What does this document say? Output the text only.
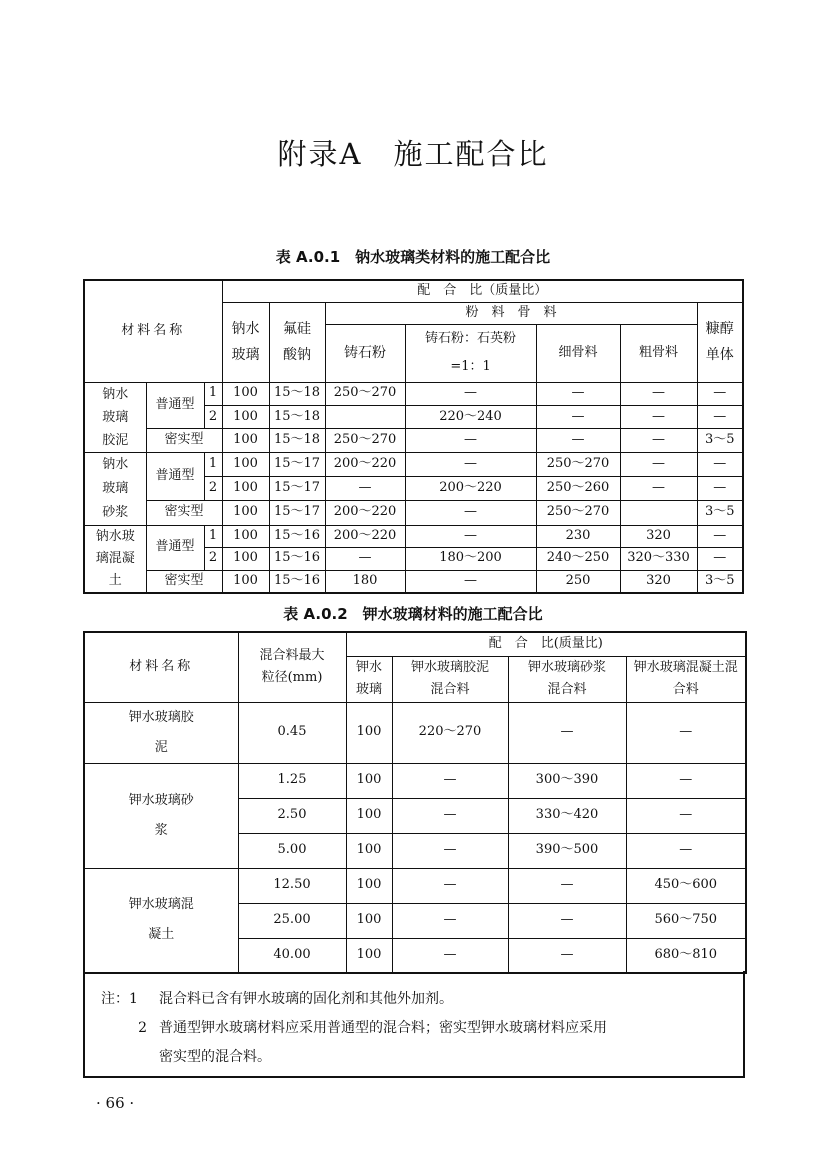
附录A　施工配合比
表 A.0.1　钠水玻璃类材料的施工配合比
材料名称			配　合　比（质量比）						
			钠水玻璃	氟硅酸钠	粉　料　骨　料				糠醇单体
					铸石粉	铸石粉：石英粉=1：1	细骨料	粗骨料	
钠水玻璃胶泥	普通型	1	100	15～18	250～270	—	—	—	—
		2	100	15～18		220～240	—	—	—
	密实型		100	15～18	250～270	—	—	—	3～5
钠水玻璃砂浆	普通型	1	100	15～17	200～220	—	250～270	—	—
		2	100	15～17	—	200～220	250～260	—	—
	密实型		100	15～17	200～220	—	250～270		3～5
钠水玻璃混凝土	普通型	1	100	15～16	200～220	—	230	320	—
		2	100	15～16	—	180～200	240～250	320～330	—
	密实型		100	15～16	180	—	250	320	3～5
表 A.0.2　钾水玻璃材料的施工配合比
材料名称	混合料最大粒径(mm)	配　合　比(质量比)			
		钾水玻璃	钾水玻璃胶泥混合料	钾水玻璃砂浆混合料	钾水玻璃混凝土混合料
钾水玻璃胶泥	0.45	100	220～270	—	—
钾水玻璃砂浆	1.25	100	—	300～390	—
	2.50	100	—	330～420	—
	5.00	100	—	390～500	—
钾水玻璃混凝土	12.50	100	—	—	450～600
	25.00	100	—	—	560～750
	40.00	100	—	—	680～810
注：1	混合料已含有钾水玻璃的固化剂和其他外加剂。
2 普通型钾水玻璃材料应采用普通型的混合料；密实型钾水玻璃材料应采用
密实型的混合料。
· 66 ·
